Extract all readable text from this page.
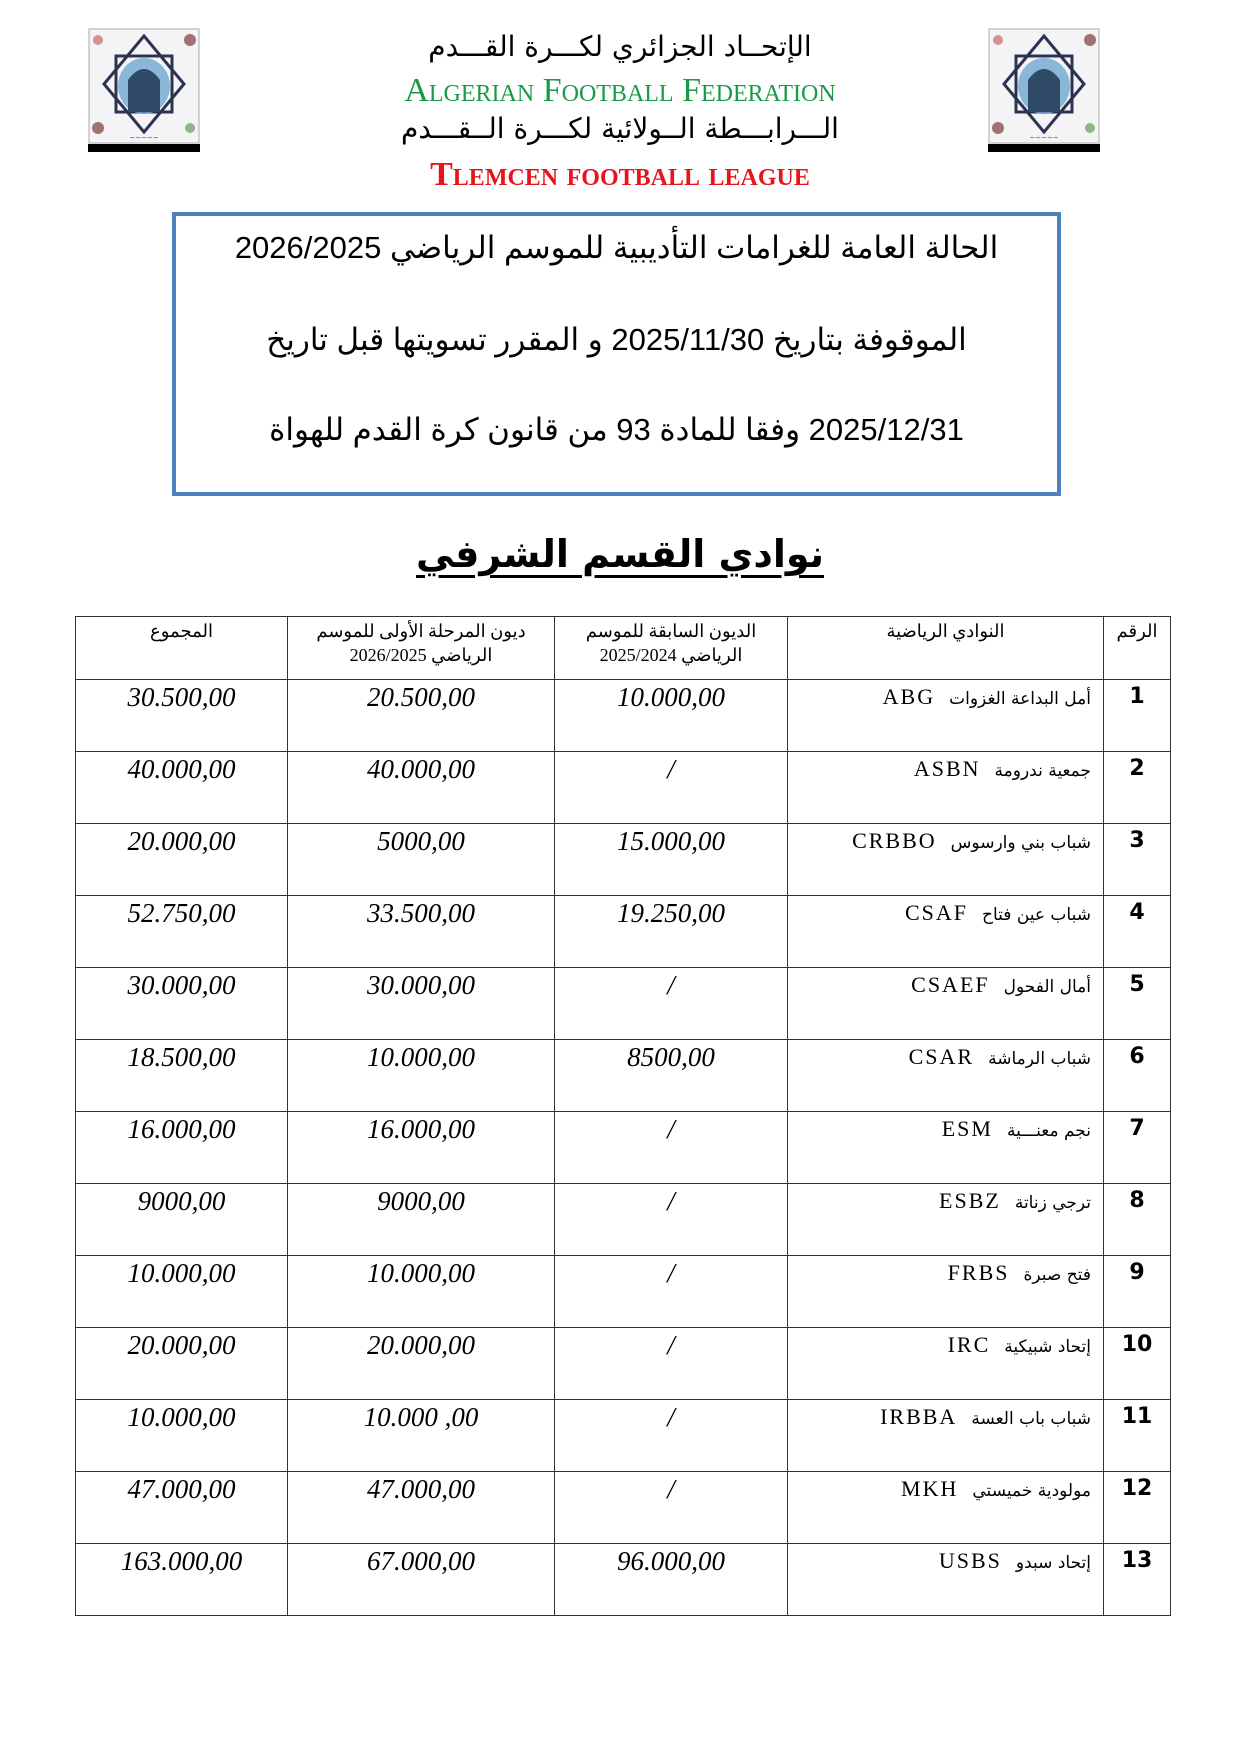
~~~~~	~~~~~
الإتحــاد الجزائري لكـــرة القـــدم
Algerian Football Federation
الـــرابـــطة الــولائية لكـــرة الــقـــدم
Tlemcen football league
الحالة العامة للغرامات التأديبية للموسم الرياضي 2026/2025
الموقوفة بتاريخ 2025/11/30 و المقرر تسويتها قبل تاريخ
2025/12/31 وفقا للمادة 93 من قانون كرة القدم للهواة
نوادي القسم الشرفي
الرقم	النوادي الرياضية	الديون السابقة للموسم الرياضي 2025/2024	ديون المرحلة الأولى للموسم الرياضي 2026/2025	المجموع
1	أمل البداعة الغزواتABG	10.000,00	20.500,00	30.500,00
2	جمعية ندرومةASBN	/	40.000,00	40.000,00
3	شباب بني وارسوسCRBBO	15.000,00	5000,00	20.000,00
4	شباب عين فتاحCSAF	19.250,00	33.500,00	52.750,00
5	أمال الفحولCSAEF	/	30.000,00	30.000,00
6	شباب الرماشةCSAR	8500,00	10.000,00	18.500,00
7	نجم معنـــيةESM	/	16.000,00	16.000,00
8	ترجي زناتةESBZ	/	9000,00	9000,00
9	فتح صبرةFRBS	/	10.000,00	10.000,00
10	إتحاد شبيكيةIRC	/	20.000,00	20.000,00
11	شباب باب العسةIRBBA	/	10.000 ,00	10.000,00
12	مولودية خميستيMKH	/	47.000,00	47.000,00
13	إتحاد سبدوUSBS	96.000,00	67.000,00	163.000,00
